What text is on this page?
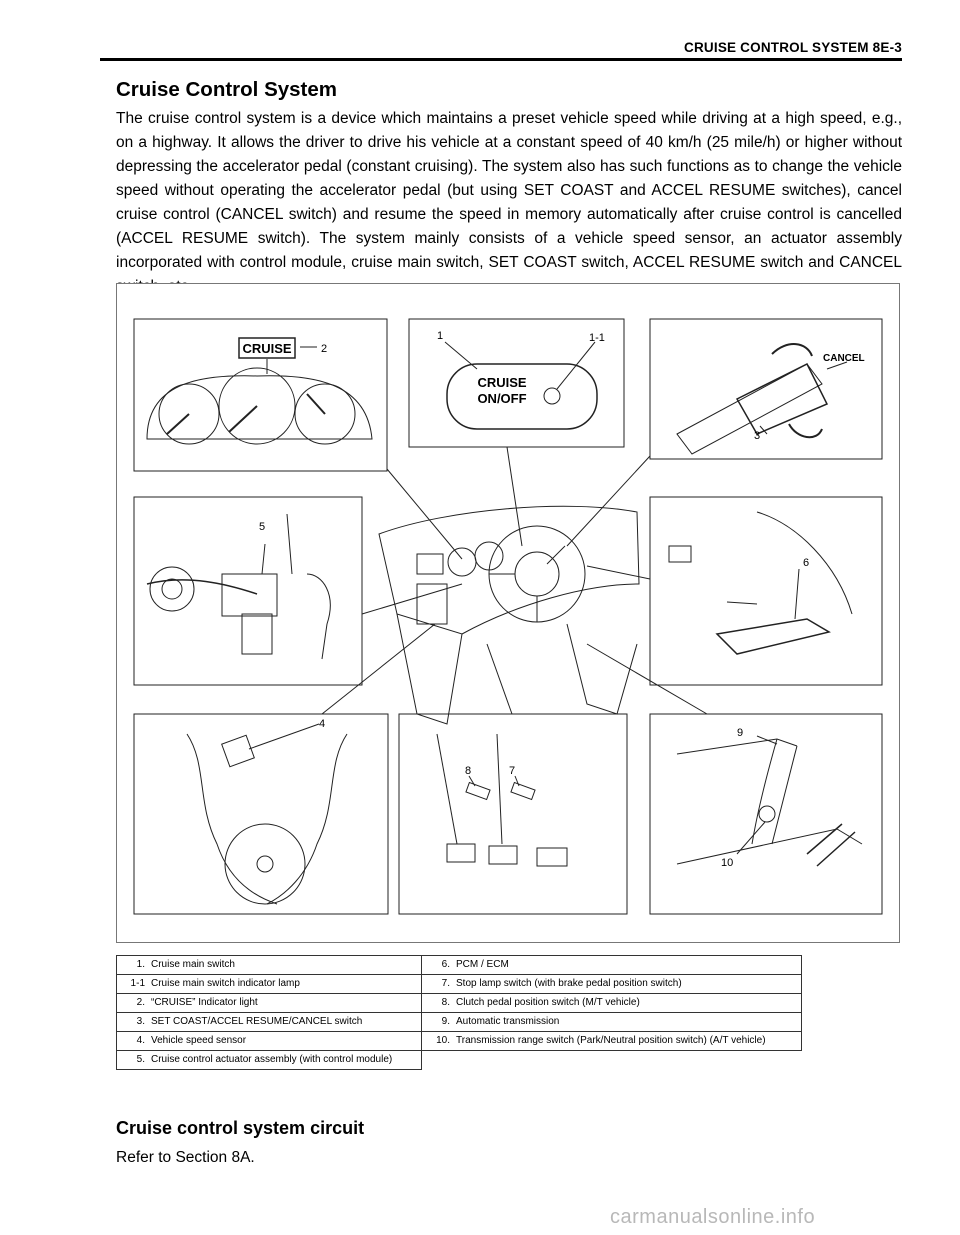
CRUISE CONTROL SYSTEM 8E-3
Cruise Control System

The cruise control system is a device which maintains a preset vehicle speed while driving at a high speed, e.g., on a highway. It allows the driver to drive his vehicle at a constant speed of 40 km/h (25 mile/h) or higher without depressing the accelerator pedal (constant cruising). The system also has such functions as to change the vehicle speed without operating the accelerator pedal (but using SET COAST and ACCEL RESUME switches), cancel cruise control (CANCEL switch) and resume the speed in memory automatically after cruise control is cancelled (ACCEL RESUME switch). The system mainly consists of a vehicle speed sensor, an actuator assembly incorporated with control module, cruise main switch, SET COAST switch, ACCEL RESUME switch and CANCEL

CRUISE	2
CRUISE
ON/OFF
1	1-1
CANCEL
3
5
6
4
8	7
9
10
1. Cruise main switch	6. PCM / ECM
1-1 Cruise main switch indicator lamp	7. Stop lamp switch (with brake pedal position switch)
2. “CRUISE” Indicator light	8. Clutch pedal position switch (M/T vehicle)
3. SET COAST/ACCEL RESUME/CANCEL switch	9. Automatic transmission
4. Vehicle speed sensor	10. Transmission range switch (Park/Neutral position switch) (A/T vehicle)
5. Cruise control actuator assembly (with control module)	
Cruise control system circuit
Refer to Section 8A.
carmanualsonline.info
